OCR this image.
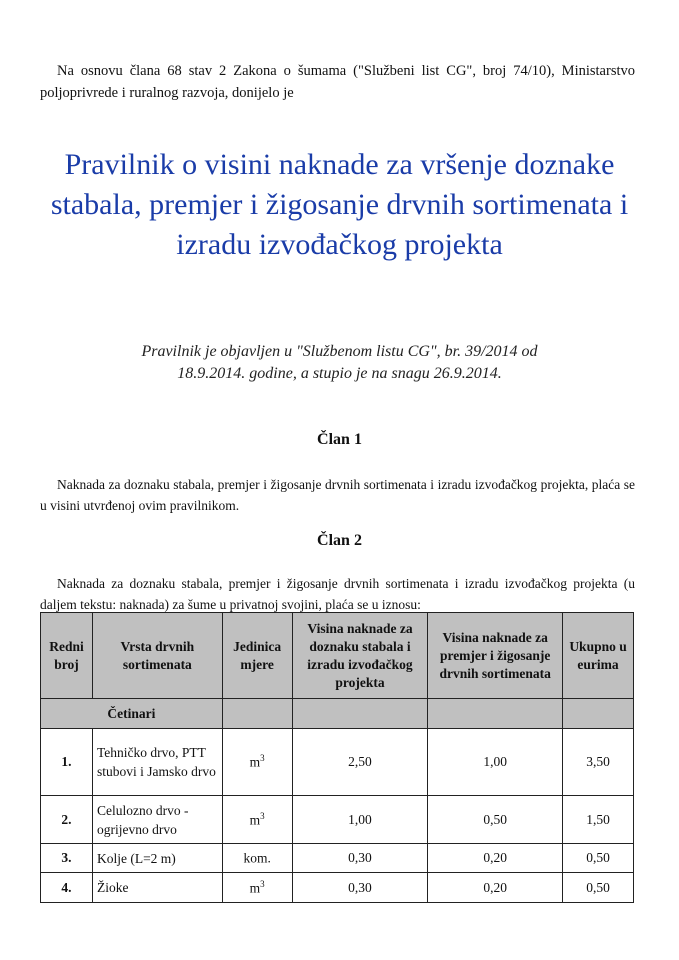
Na osnovu člana 68 stav 2 Zakona o šumama ("Službeni list CG", broj 74/10), Ministarstvo poljoprivrede i ruralnog razvoja, donijelo je
Pravilnik o visini naknade za vršenje doznake
stabala, premjer i žigosanje drvnih sortimenata i
izradu izvođačkog projekta
Pravilnik je objavljen u "Službenom listu CG", br. 39/2014 od
18.9.2014. godine, a stupio je na snagu 26.9.2014.
Član 1
Naknada za doznaku stabala, premjer i žigosanje drvnih sortimenata i izradu izvođačkog projekta, plaća se u visini utvrđenoj ovim pravilnikom.
Član 2
Naknada za doznaku stabala, premjer i žigosanje drvnih sortimenata i izradu izvođačkog projekta (u daljem tekstu: naknada) za šume u privatnoj svojini, plaća se u iznosu:
Redni broj	Vrsta drvnih sortimenata	Jedinica mjere	Visina naknade za doznaku stabala i izradu izvođačkog projekta	Visina naknade za premjer i žigosanje drvnih sortimenata	Ukupno u eurima
Četinari					
1.	Tehničko drvo, PTT stubovi i Jamsko drvo	$m^3$	2,50	1,00	3,50
2.	Celulozno drvo - ogrijevno drvo	$m^3$	1,00	0,50	1,50
3.	Kolje (L=2 m)	kom.	0,30	0,20	0,50
4.	Žioke	$m^3$	0,30	0,20	0,50
